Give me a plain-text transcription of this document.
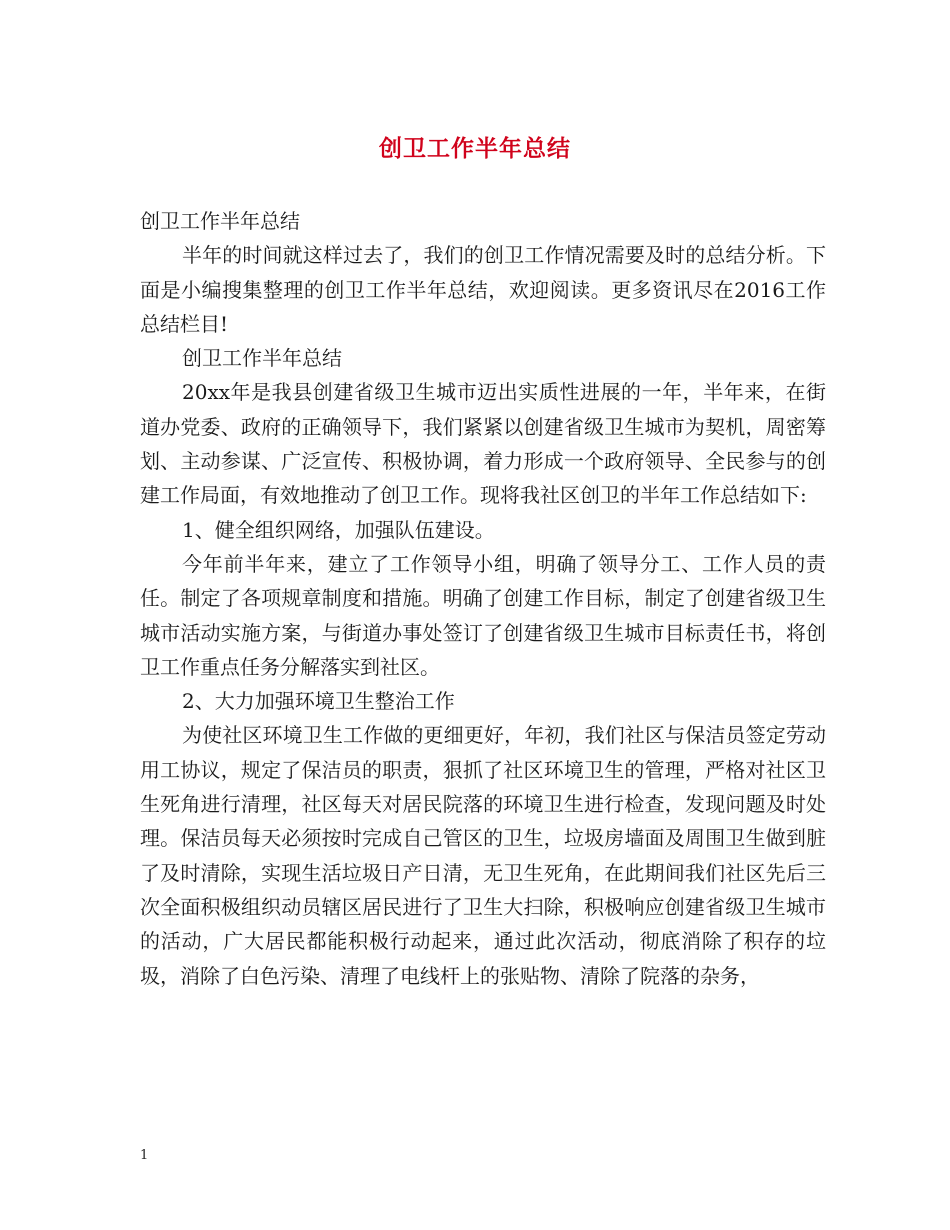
创卫工作半年总结

创卫工作半年总结

半年的时间就这样过去了，我们的创卫工作情况需要及时的总结分析。下面是小编搜集整理的创卫工作半年总结，欢迎阅读。更多资讯尽在2016工作总结栏目!

创卫工作半年总结

20xx年是我县创建省级卫生城市迈出实质性进展的一年，半年来，在街道办党委、政府的正确领导下，我们紧紧以创建省级卫生城市为契机，周密筹划、主动参谋、广泛宣传、积极协调，着力形成一个政府领导、全民参与的创建工作局面，有效地推动了创卫工作。现将我社区创卫的半年工作总结如下:

1、健全组织网络，加强队伍建设。

今年前半年来，建立了工作领导小组，明确了领导分工、工作人员的责任。制定了各项规章制度和措施。明确了创建工作目标，制定了创建省级卫生城市活动实施方案，与街道办事处签订了创建省级卫生城市目标责任书，将创卫工作重点任务分解落实到社区。

2、大力加强环境卫生整治工作

为使社区环境卫生工作做的更细更好，年初，我们社区与保洁员签定劳动用工协议，规定了保洁员的职责，狠抓了社区环境卫生的管理，严格对社区卫生死角进行清理，社区每天对居民院落的环境卫生进行检查，发现问题及时处理。保洁员每天必须按时完成自己管区的卫生，垃圾房墙面及周围卫生做到脏了及时清除，实现生活垃圾日产日清，无卫生死角，在此期间我们社区先后三次全面积极组织动员辖区居民进行了卫生大扫除，积极响应创建省级卫生城市的活动，广大居民都能积极行动起来，通过此次活动，彻底消除了积存的垃圾，消除了白色污染、清理了电线杆上的张贴物、清除了院落的杂务，

1
